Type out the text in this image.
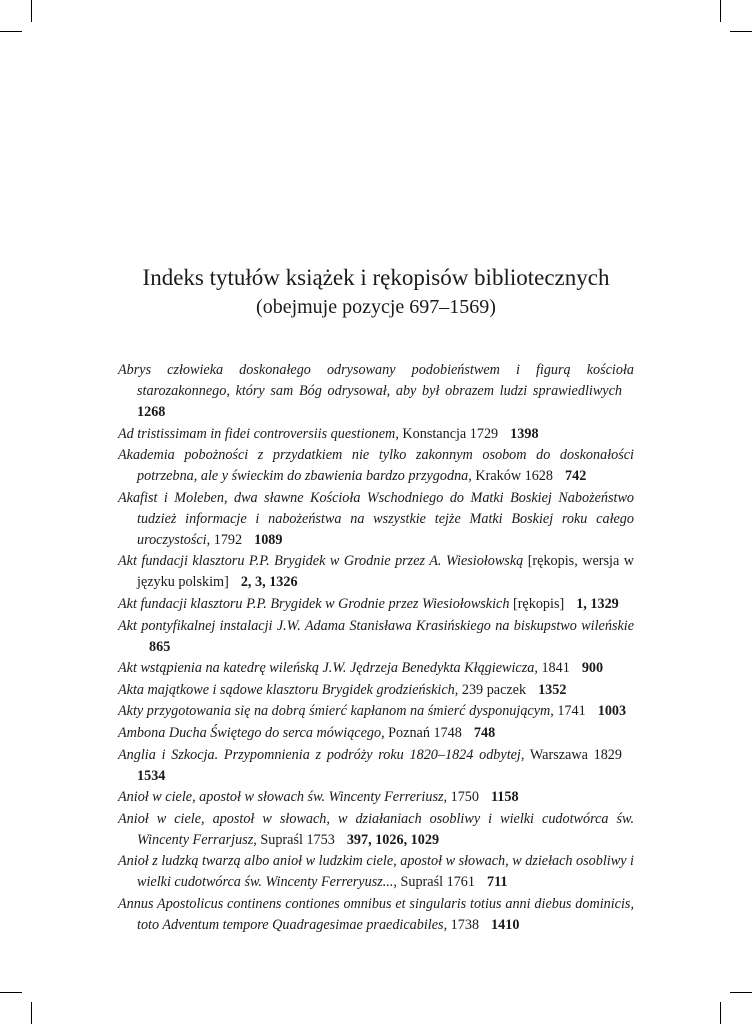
Indeks tytułów książek i rękopisów bibliotecznych
(obejmuje pozycje 697–1569)
Abrys człowieka doskonałego odrysowany podobieństwem i figurą kościoła starozakonnego, który sam Bóg odrysował, aby był obrazem ludzi sprawiedliwych1268
Ad tristissimam in fidei controversiis questionem, Konstancja 1729 1398
Akademia pobożności z przydatkiem nie tylko zakonnym osobom do doskonałości potrzebna, ale y świeckim do zbawienia bardzo przygodna, Kraków 1628 742
Akafist i Moleben, dwa sławne Kościoła Wschodniego do Matki Boskiej Nabożeństwo tudzież informacje i nabożeństwa na wszystkie tejże Matki Boskiej roku całego uroczystości, 1792 1089
Akt fundacji klasztoru P.P. Brygidek w Grodnie przez A. Wiesiołowską [rękopis, wersja w języku polskim] 2, 3, 1326
Akt fundacji klasztoru P.P. Brygidek w Grodnie przez Wiesiołowskich [rękopis] 1, 1329
Akt pontyfikalnej instalacji J.W. Adama Stanisława Krasińskiego na biskupstwo wileńskie865
Akt wstąpienia na katedrę wileńską J.W. Jędrzeja Benedykta Kłągiewicza, 1841 900
Akta majątkowe i sądowe klasztoru Brygidek grodzieńskich, 239 paczek 1352
Akty przygotowania się na dobrą śmierć kapłanom na śmierć dysponującym, 1741 1003
Ambona Ducha Świętego do serca mówiącego, Poznań 1748 748
Anglia i Szkocja. Przypomnienia z podróży roku 1820–1824 odbytej, Warszawa 18291534
Anioł w ciele, apostoł w słowach św. Wincenty Ferreriusz, 1750 1158
Anioł w ciele, apostoł w słowach, w działaniach osobliwy i wielki cudotwórca św. Wincenty Ferrarjusz, Supraśl 1753 397, 1026, 1029
Anioł z ludzką twarzą albo anioł w ludzkim ciele, apostoł w słowach, w dziełach osobliwy i wielki cudotwórca św. Wincenty Ferreryusz..., Supraśl 1761 711
Annus Apostolicus continens contiones omnibus et singularis totius anni diebus dominicis, toto Adventum tempore Quadragesimae praedicabiles, 1738 1410
